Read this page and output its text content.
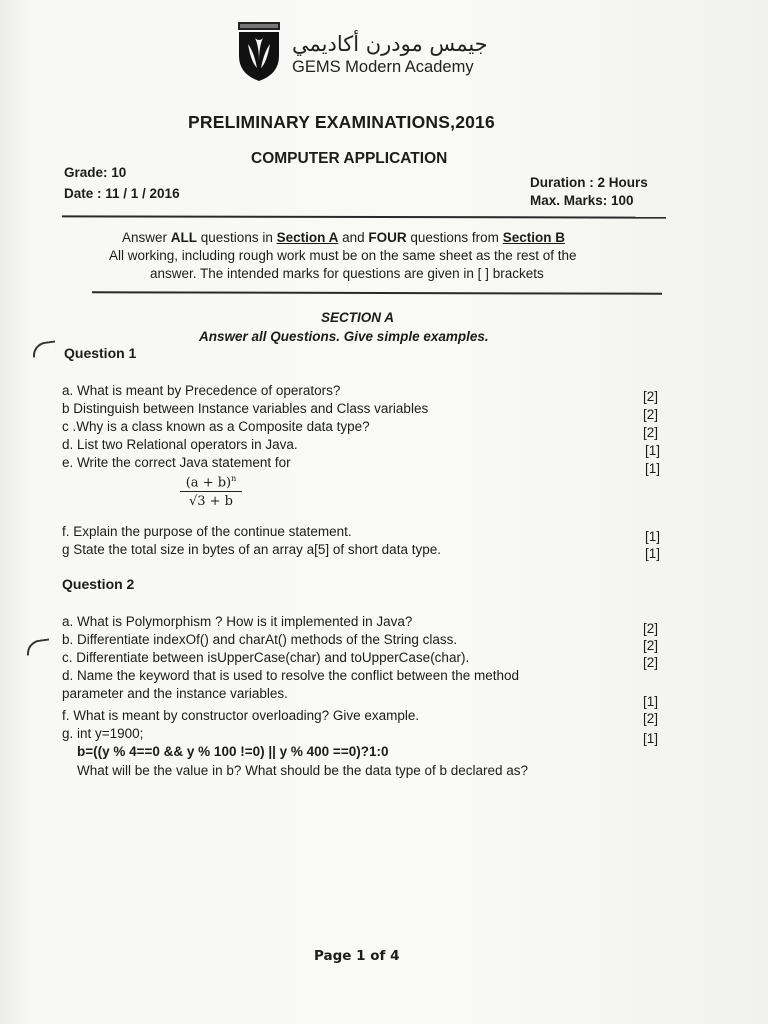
جيمس مودرن أكاديمي
GEMS Modern Academy
PRELIMINARY EXAMINATIONS,2016
COMPUTER APPLICATION
Grade: 10
Date : 11 / 1 / 2016
Duration : 2 Hours
Max. Marks: 100
Answer ALL questions in Section A and FOUR questions from Section B
All working, including rough work must be on the same sheet as the rest of the
answer. The intended marks for questions are given in [ ] brackets
SECTION A
Answer all Questions. Give simple examples.
Question 1
a. What is meant by Precedence of operators?
b Distinguish between Instance variables and Class variables
c .Why is a class known as a Composite data type?
d. List two Relational operators in Java.
e. Write the correct Java statement for
$\frac{(a + b)^n}{√3 + b}$
f. Explain the purpose of the continue statement.
g State the total size in bytes of an array a[5] of short data type.
[2]
[2]
[2]
[1]
[1]
[1]
[1]
Question 2
a. What is Polymorphism ? How is it implemented in Java?
b. Differentiate indexOf() and charAt() methods of the String class.
c. Differentiate between isUpperCase(char) and toUpperCase(char).
d. Name the keyword that is used to resolve the conflict between the method
parameter and the instance variables.
f. What is meant by constructor overloading? Give example.
g. int y=1900;
b=((y % 4==0 && y % 100 !=0) || y % 400 ==0)?1:0
What will be the value in b? What should be the data type of b declared as?
[2]
[2]
[2]
[1]
[2]
[1]
Page 1 of 4
